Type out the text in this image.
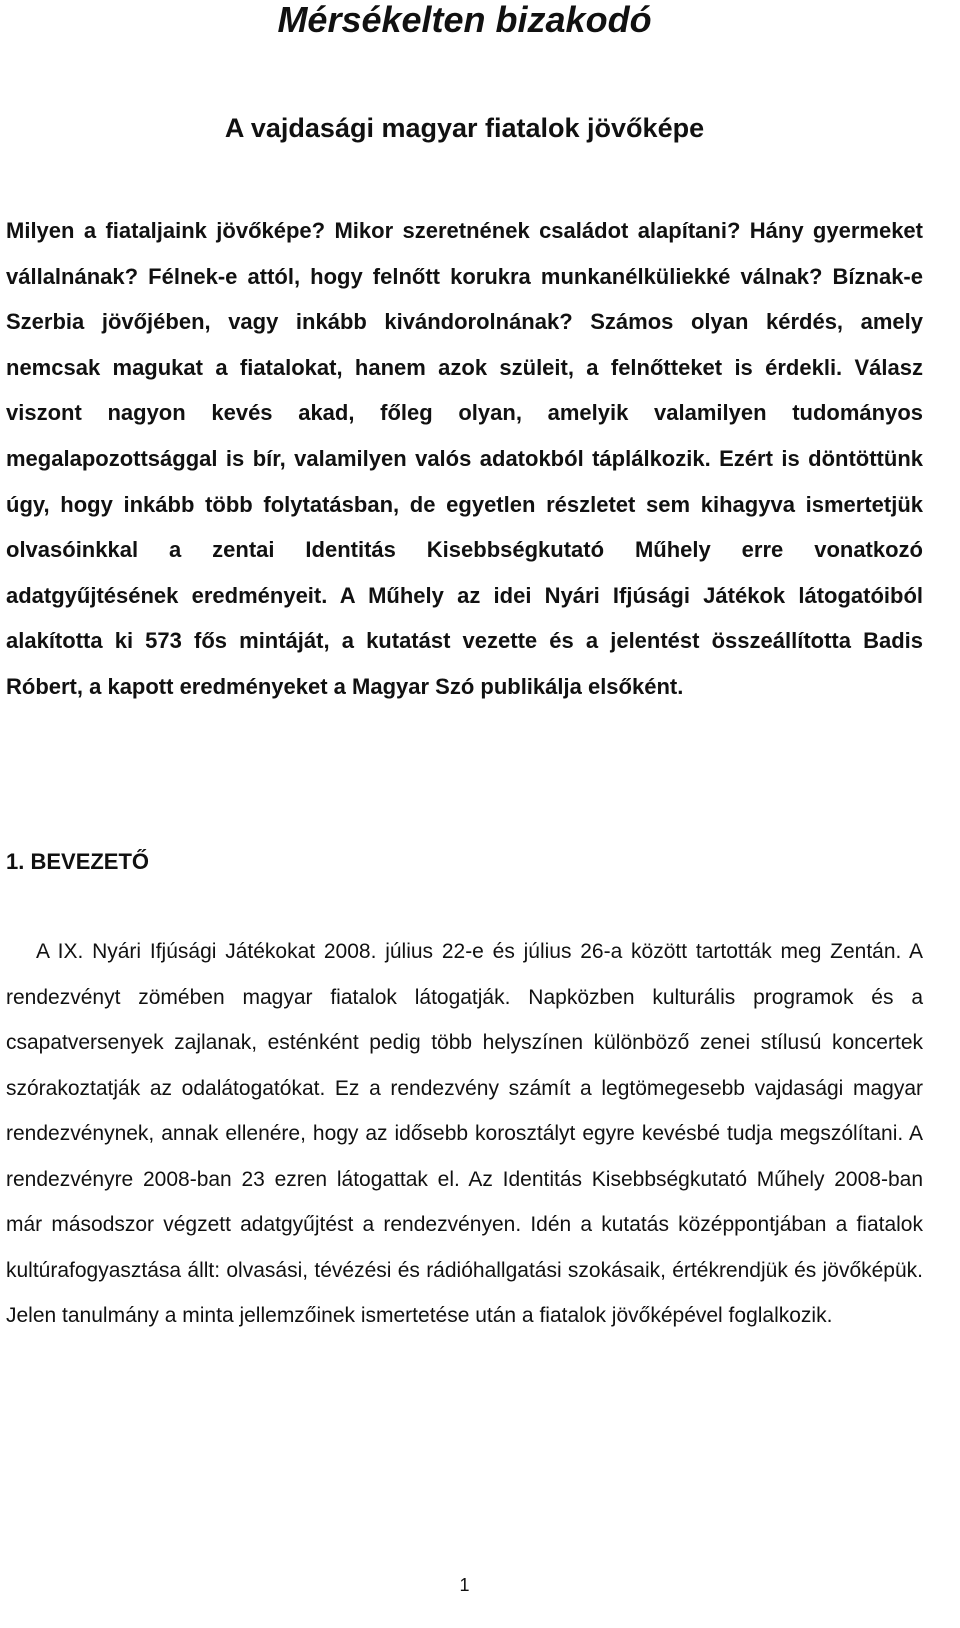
Mérsékelten bizakodó
A vajdasági magyar fiatalok jövőképe

Milyen a fiataljaink jövőképe? Mikor szeretnének családot alapítani? Hány gyermeket vállalnának? Félnek-e attól, hogy felnőtt korukra munkanélküliekké válnak? Bíznak-e Szerbia jövőjében, vagy inkább kivándorolnának? Számos olyan kérdés, amely nemcsak magukat a fiatalokat, hanem azok szüleit, a felnőtteket is érdekli. Válasz viszont nagyon kevés akad, főleg olyan, amelyik valamilyen tudományos megalapozottsággal is bír, valamilyen valós adatokból táplálkozik. Ezért is döntöttünk úgy, hogy inkább több folytatásban, de egyetlen részletet sem kihagyva ismertetjük olvasóinkkal a zentai Identitás Kisebbségkutató Műhely erre vonatkozó adatgyűjtésének eredményeit. A Műhely az idei Nyári Ifjúsági Játékok látogatóiból alakította ki 573 fős mintáját, a kutatást vezette és a jelentést összeállította Badis Róbert, a kapott eredményeket a Magyar Szó publikálja elsőként.

1. BEVEZETŐ

A IX. Nyári Ifjúsági Játékokat 2008. július 22-e és július 26-a között tartották meg Zentán. A rendezvényt zömében magyar fiatalok látogatják. Napközben kulturális programok és a csapatversenyek zajlanak, esténként pedig több helyszínen különböző zenei stílusú koncertek szórakoztatják az odalátogatókat. Ez a rendezvény számít a legtömegesebb vajdasági magyar rendezvénynek, annak ellenére, hogy az idősebb korosztályt egyre kevésbé tudja megszólítani. A rendezvényre 2008-ban 23 ezren látogattak el. Az Identitás Kisebbségkutató Műhely 2008-ban már másodszor végzett adatgyűjtést a rendezvényen. Idén a kutatás középpontjában a fiatalok kultúrafogyasztása állt: olvasási, tévézési és rádióhallgatási szokásaik, értékrendjük és jövőképük. Jelen tanulmány a minta jellemzőinek ismertetése után a fiatalok jövőképével foglalkozik.

1
